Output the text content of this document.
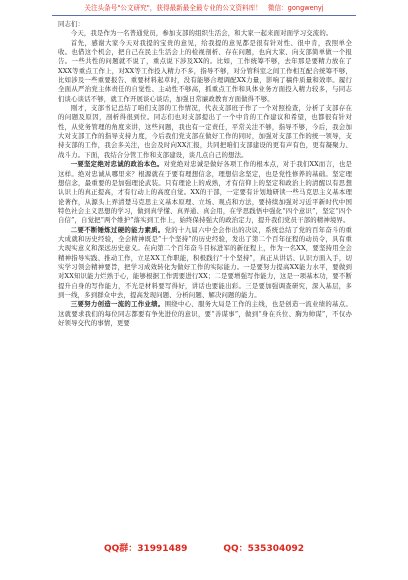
关注头条号"公文研究"，获得最新最全最专业的公文资料库！ 微信：gongwenyj

同志们：

今天，我是作为一名普通党员，参加支部的组织生活会，和大家一起来面对面学习交流的。

首先，感谢大家今天对我提的宝贵的意见，给我提的意见都是很有针对性、很中肯，我照单全收。也借这个机会，把自己在民主生活会上的检视剖析、存在问题，也向大家、向支部简单做一个报告。一些共性的问题就不说了，重点说下涉及XX的。比如，工作统筹不够，去年那是要精力放在了XXX等重点工作上，对XX等工作投入精力不多，指导不够，对分管科室之间工作相互配合统筹不够，比如涉及一些重要报告、重要材料起草时，没有能够合理调配XX力量，影响了稿件质量和效率。履行全面从严治党主体责任的自觉性、主动性不够高，抓重点工作和具体业务方面投入精力较多，与同志们谈心谈话不够，就工作开展谈心谈话，加强日常廉政教育方面做得不够。

刚才，支部书记总结了咱们支部的工作情况，代表支部班子作了一个对照检查，分析了支部存在的问题及原因，剖析得很到位。同志们也对支部提出了一个中肯的工作建议和希望，也都很有针对性，从党务管理的角度来讲，这些问题，我也有一定责任，平常关注不够，指导不够，今后，我会加大对支部工作的指导支持力度，今后我们党支部在做好工作的同时，加强对支部工作的统一领导，支持支部的工作，我会多关注，也会及时向XX汇报，共同把咱们支部建设的更有声有色，更有凝聚力、战斗力。下面，我结合分管工作和支部建设，谈几点自己的想法。

一要坚定绝对忠诚的政治本色。对党绝对忠诚是做好各项工作的根本点，对于我们XX而言，也是这样。绝对忠诚从哪里来？根源就在于要有理想信念，理想信念坚定，也是党性修养的基础。坚定理想信念，最重要的是加强理论武装。只有理论上的成熟，才有信仰上的坚定和政治上的清醒以有思想认识上的真正提高，才有行动上的高度自觉。XX的干部，一定要有计划地研读一些马克思主义基本理论著作，从源头上弄清楚马克思主义基本原理、立场、观点和方法，要持续加强对习近平新时代中国特色社会主义思想的学习，做到真学懂、真弄通、真会用，在学思践悟中强化“四个意识”，坚定“四个自信”，自觉把“两个维护”落实到工作上，始终保持强大的政治定力，提升我们党员干部的精神境界。

二要不断锤炼过硬的能力素质。党的十九届六中全会作出的决议，系统总结了党的百年奋斗的重大成就和历史经验，全会精神既是“十个坚持”的历史经验，发出了第二个百年征程的动员令，具有重大现实意义和深远历史意义。在向第二个百年奋斗目标进军的新征程上，作为一名XX，要坚持用全会精神指导实践、推动工作，立足XX工作职能，积极践行“十个坚持”，真正从讲话、认识方面入手，切实学习领会精神要旨，把学习成效转化为做好工作的实际能力。一是要努力提高XX能力水平，要做到对XX知识能力烂熟于心，能够根据工作需要进行XX；二是要增强写作能力，这是一项基本功，要不断提升自身的写作能力，不光是材料要写得好，讲话也要能出彩。三是要加强调查研究，深入基层，多到一线，多到群众中去，提高发现问题、分析问题、解决问题的能力。

三要努力创造一流的工作业绩。围绕中心、服务大局是工作的主线，也是创造一流业绩的基点。这就要求我们的每位同志都要有争先进位的意识，要“善谋事”，做到“身在兵位、胸为帅谋”，不仅办好领导交代的事情，更要

QQ群：31991489	QQ：535304092
